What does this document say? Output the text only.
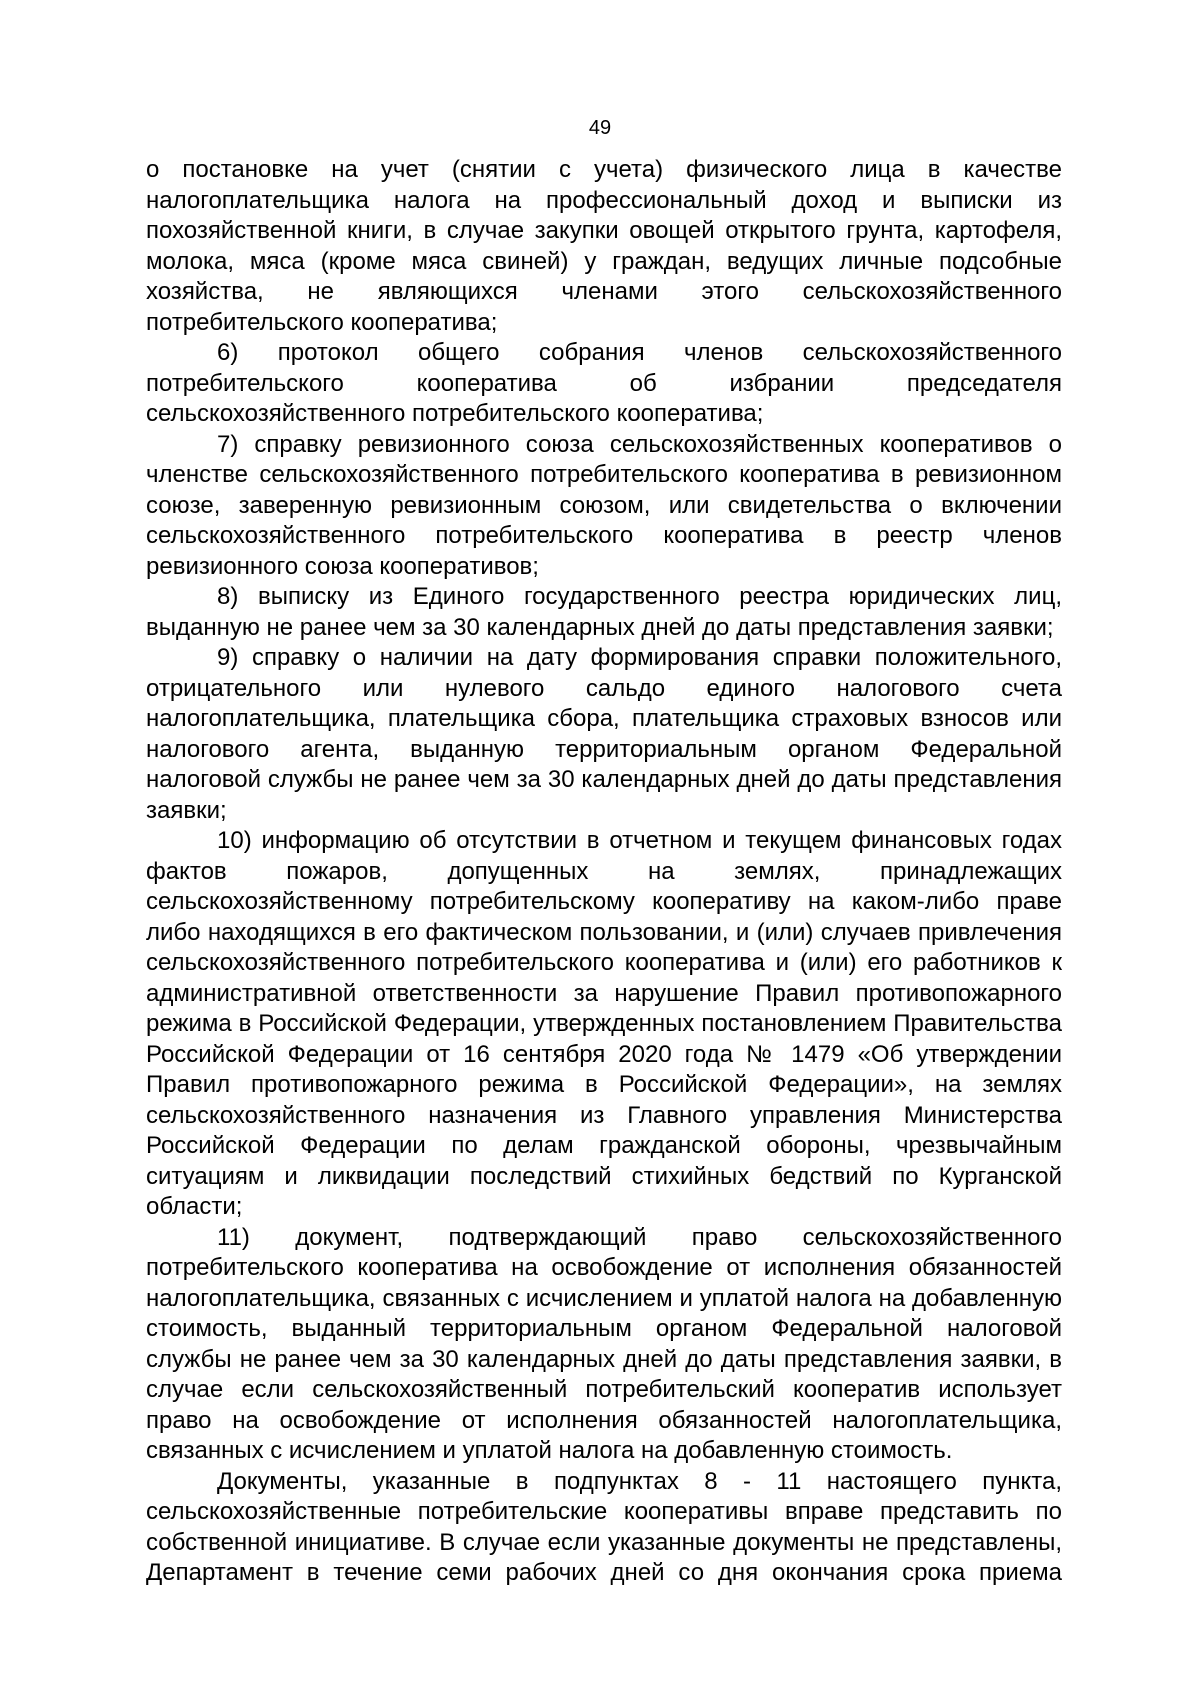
49
о постановке на учет (снятии с учета) физического лица в качестве
налогоплательщика налога на профессиональный доход и выписки из
похозяйственной книги, в случае закупки овощей открытого грунта, картофеля,
молока, мяса (кроме мяса свиней) у граждан, ведущих личные подсобные
хозяйства, не являющихся членами этого сельскохозяйственного
потребительского кооператива;
6) протокол общего собрания членов сельскохозяйственного
потребительского кооператива об избрании председателя
сельскохозяйственного потребительского кооператива;
7) справку ревизионного союза сельскохозяйственных кооперативов о
членстве сельскохозяйственного потребительского кооператива в ревизионном
союзе, заверенную ревизионным союзом, или свидетельства о включении
сельскохозяйственного потребительского кооператива в реестр членов
ревизионного союза кооперативов;
8) выписку из Единого государственного реестра юридических лиц,
выданную не ранее чем за 30 календарных дней до даты представления заявки;
9) справку о наличии на дату формирования справки положительного,
отрицательного или нулевого сальдо единого налогового счета
налогоплательщика, плательщика сбора, плательщика страховых взносов или
налогового агента, выданную территориальным органом Федеральной
налоговой службы не ранее чем за 30 календарных дней до даты представления
заявки;
10) информацию об отсутствии в отчетном и текущем финансовых годах
фактов пожаров, допущенных на землях, принадлежащих
сельскохозяйственному потребительскому кооперативу на каком-либо праве
либо находящихся в его фактическом пользовании, и (или) случаев привлечения
сельскохозяйственного потребительского кооператива и (или) его работников к
административной ответственности за нарушение Правил противопожарного
режима в Российской Федерации, утвержденных постановлением Правительства
Российской Федерации от 16 сентября 2020 года № 1479 «Об утверждении
Правил противопожарного режима в Российской Федерации», на землях
сельскохозяйственного назначения из Главного управления Министерства
Российской Федерации по делам гражданской обороны, чрезвычайным
ситуациям и ликвидации последствий стихийных бедствий по Курганской
области;
11) документ, подтверждающий право сельскохозяйственного
потребительского кооператива на освобождение от исполнения обязанностей
налогоплательщика, связанных с исчислением и уплатой налога на добавленную
стоимость, выданный территориальным органом Федеральной налоговой
службы не ранее чем за 30 календарных дней до даты представления заявки, в
случае если сельскохозяйственный потребительский кооператив использует
право на освобождение от исполнения обязанностей налогоплательщика,
связанных с исчислением и уплатой налога на добавленную стоимость.
Документы, указанные в подпунктах 8 - 11 настоящего пункта,
сельскохозяйственные потребительские кооперативы вправе представить по
собственной инициативе. В случае если указанные документы не представлены,
Департамент в течение семи рабочих дней со дня окончания срока приема
